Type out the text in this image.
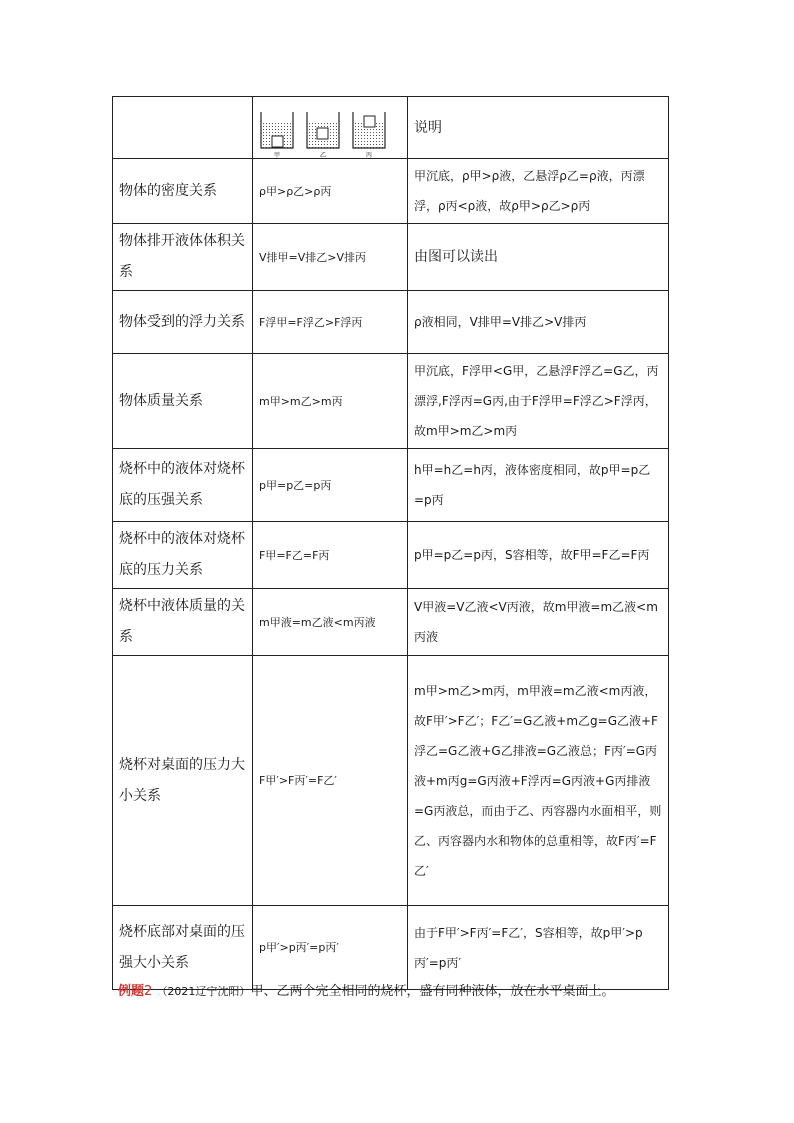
	甲 乙 丙	说明
物体的密度关系	ρ甲>ρ乙>ρ丙	甲沉底，ρ甲>ρ液，乙悬浮ρ乙=ρ液，丙漂浮，ρ丙<ρ液，故ρ甲>ρ乙>ρ丙
物体排开液体体积关系	V排甲=V排乙>V排丙	由图可以读出
物体受到的浮力关系	F浮甲=F浮乙>F浮丙	ρ液相同，V排甲=V排乙>V排丙
物体质量关系	m甲>m乙>m丙	甲沉底，F浮甲<G甲，乙悬浮F浮乙=G乙，丙漂浮,F浮丙=G丙,由于F浮甲=F浮乙>F浮丙，故m甲>m乙>m丙
烧杯中的液体对烧杯底的压强关系	p甲=p乙=p丙	h甲=h乙=h丙，液体密度相同，故p甲=p乙=p丙
烧杯中的液体对烧杯底的压力关系	F甲=F乙=F丙	p甲=p乙=p丙，S容相等，故F甲=F乙=F丙
烧杯中液体质量的关系	m甲液=m乙液<m丙液	V甲液=V乙液<V丙液，故m甲液=m乙液<m丙液
烧杯对桌面的压力大小关系	F甲′>F丙′=F乙′	m甲>m乙>m丙，m甲液=m乙液<m丙液，故F甲′>F乙′；F乙′=G乙液+m乙g=G乙液+F浮乙=G乙液+G乙排液=G乙液总；F丙′=G丙液+m丙g=G丙液+F浮丙=G丙液+G丙排液=G丙液总，而由于乙、丙容器内水面相平，则乙、丙容器内水和物体的总重相等，故F丙′=F乙′
烧杯底部对桌面的压强大小关系	p甲′>p丙′=p丙′	由于F甲′>F丙′=F乙′，S容相等，故p甲′>p丙′=p丙′
例题2 （2021辽宁沈阳）甲、乙两个完全相同的烧杯，盛有同种液体，放在水平桌面上。
